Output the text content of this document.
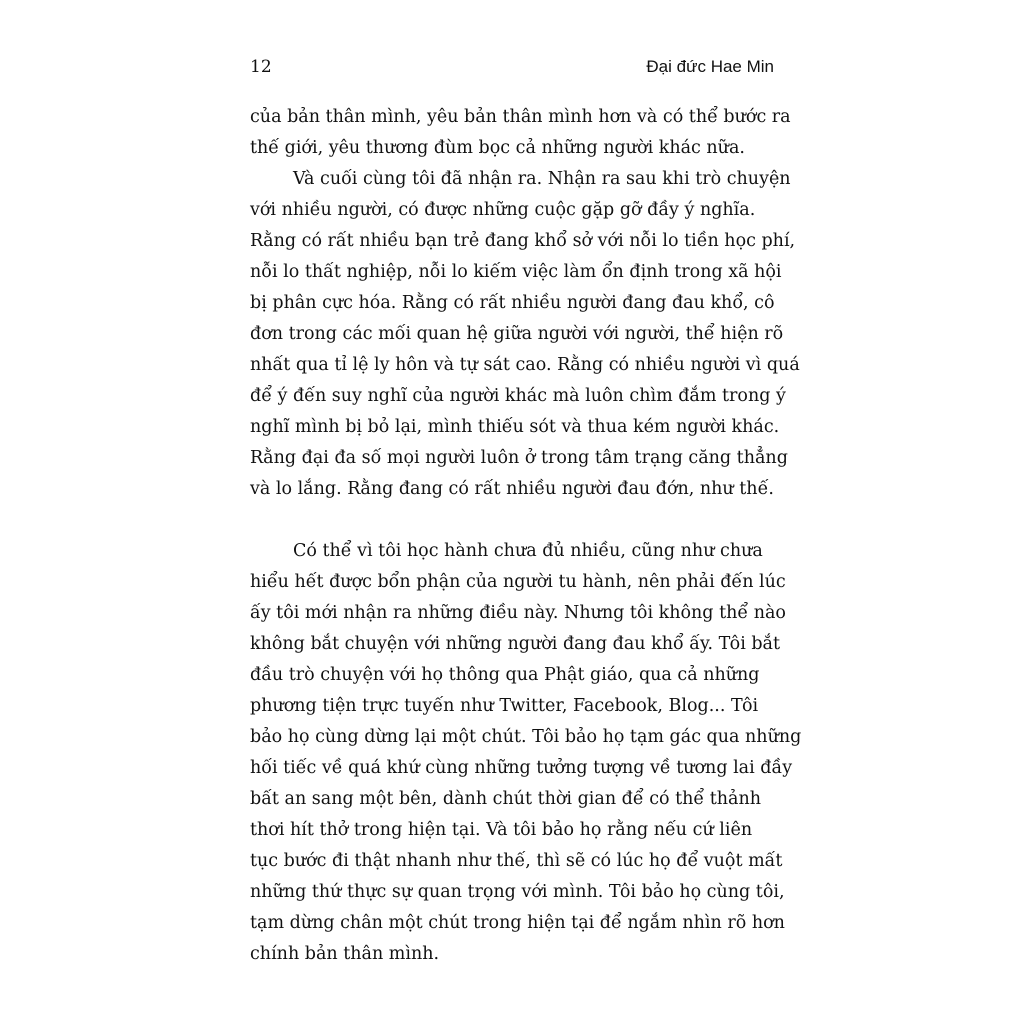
12	Đại đức Hae Min
của bản thân mình, yêu bản thân mình hơn và có thể bước ra
thế giới, yêu thương đùm bọc cả những người khác nữa.
Và cuối cùng tôi đã nhận ra. Nhận ra sau khi trò chuyện
với nhiều người, có được những cuộc gặp gỡ đầy ý nghĩa.
Rằng có rất nhiều bạn trẻ đang khổ sở với nỗi lo tiền học phí,
nỗi lo thất nghiệp, nỗi lo kiếm việc làm ổn định trong xã hội
bị phân cực hóa. Rằng có rất nhiều người đang đau khổ, cô
đơn trong các mối quan hệ giữa người với người, thể hiện rõ
nhất qua tỉ lệ ly hôn và tự sát cao. Rằng có nhiều người vì quá
để ý đến suy nghĩ của người khác mà luôn chìm đắm trong ý
nghĩ mình bị bỏ lại, mình thiếu sót và thua kém người khác.
Rằng đại đa số mọi người luôn ở trong tâm trạng căng thẳng
và lo lắng. Rằng đang có rất nhiều người đau đớn, như thế.
Có thể vì tôi học hành chưa đủ nhiều, cũng như chưa
hiểu hết được bổn phận của người tu hành, nên phải đến lúc
ấy tôi mới nhận ra những điều này. Nhưng tôi không thể nào
không bắt chuyện với những người đang đau khổ ấy. Tôi bắt
đầu trò chuyện với họ thông qua Phật giáo, qua cả những
phương tiện trực tuyến như Twitter, Facebook, Blog... Tôi
bảo họ cùng dừng lại một chút. Tôi bảo họ tạm gác qua những
hối tiếc về quá khứ cùng những tưởng tượng về tương lai đầy
bất an sang một bên, dành chút thời gian để có thể thảnh
thơi hít thở trong hiện tại. Và tôi bảo họ rằng nếu cứ liên
tục bước đi thật nhanh như thế, thì sẽ có lúc họ để vuột mất
những thứ thực sự quan trọng với mình. Tôi bảo họ cùng tôi,
tạm dừng chân một chút trong hiện tại để ngắm nhìn rõ hơn
chính bản thân mình.
